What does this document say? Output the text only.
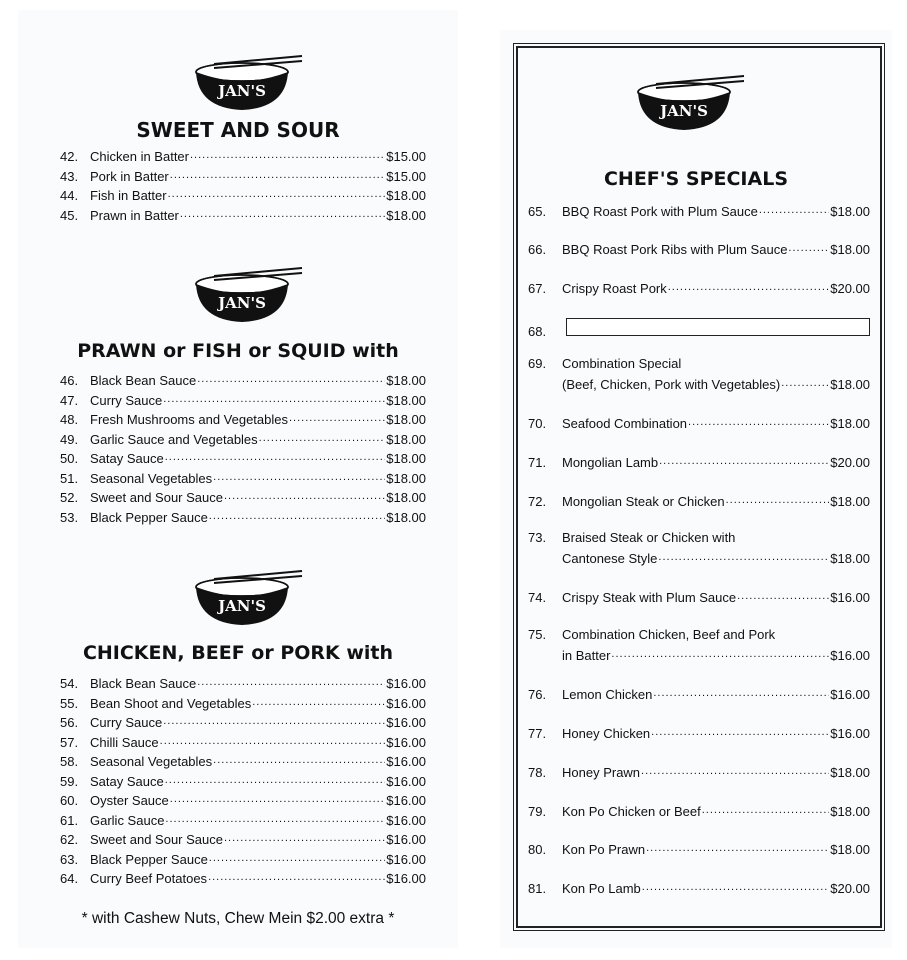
JAN'S
SWEET AND SOUR
42. Chicken in Batter .....	$15.00
43. Pork in Batter .....	$15.00
44. Fish in Batter .....	$18.00
45. Prawn in Batter .....	$18.00
JAN'S
PRAWN or FISH or SQUID with
46. Black Bean Sauce .....	$18.00
47. Curry Sauce .....	$18.00
48. Fresh Mushrooms and Vegetables .....	$18.00
49. Garlic Sauce and Vegetables .....	$18.00
50. Satay Sauce .....	$18.00
51. Seasonal Vegetables .....	$18.00
52. Sweet and Sour Sauce .....	$18.00
53. Black Pepper Sauce .....	$18.00
JAN'S
CHICKEN, BEEF or PORK with
54. Black Bean Sauce .....	$16.00
55. Bean Shoot and Vegetables .....	$16.00
56. Curry Sauce .....	$16.00
57. Chilli Sauce .....	$16.00
58. Seasonal Vegetables .....	$16.00
59. Satay Sauce .....	$16.00
60. Oyster Sauce .....	$16.00
61. Garlic Sauce .....	$16.00
62. Sweet and Sour Sauce .....	$16.00
63. Black Pepper Sauce .....	$16.00
64. Curry Beef Potatoes .....	$16.00
* with Cashew Nuts, Chew Mein $2.00 extra *
JAN'S
CHEF'S SPECIALS
65.	BBQ Roast Pork with Plum Sauce .....	$18.00
66.	BBQ Roast Pork Ribs with Plum Sauce .....	$18.00
67.	Crispy Roast Pork .....	$20.00
68.
69.	Combination Special
(Beef, Chicken, Pork with Vegetables) .....	$18.00
70.	Seafood Combination .....	$18.00
71.	Mongolian Lamb .....	$20.00
72.	Mongolian Steak or Chicken .....	$18.00
73.	Braised Steak or Chicken with
Cantonese Style .....	$18.00
74.	Crispy Steak with Plum Sauce .....	$16.00
75.	Combination Chicken, Beef and Pork
in Batter .....	$16.00
76.	Lemon Chicken .....	$16.00
77.	Honey Chicken .....	$16.00
78.	Honey Prawn .....	$18.00
79.	Kon Po Chicken or Beef .....	$18.00
80.	Kon Po Prawn .....	$18.00
81.	Kon Po Lamb .....	$20.00
